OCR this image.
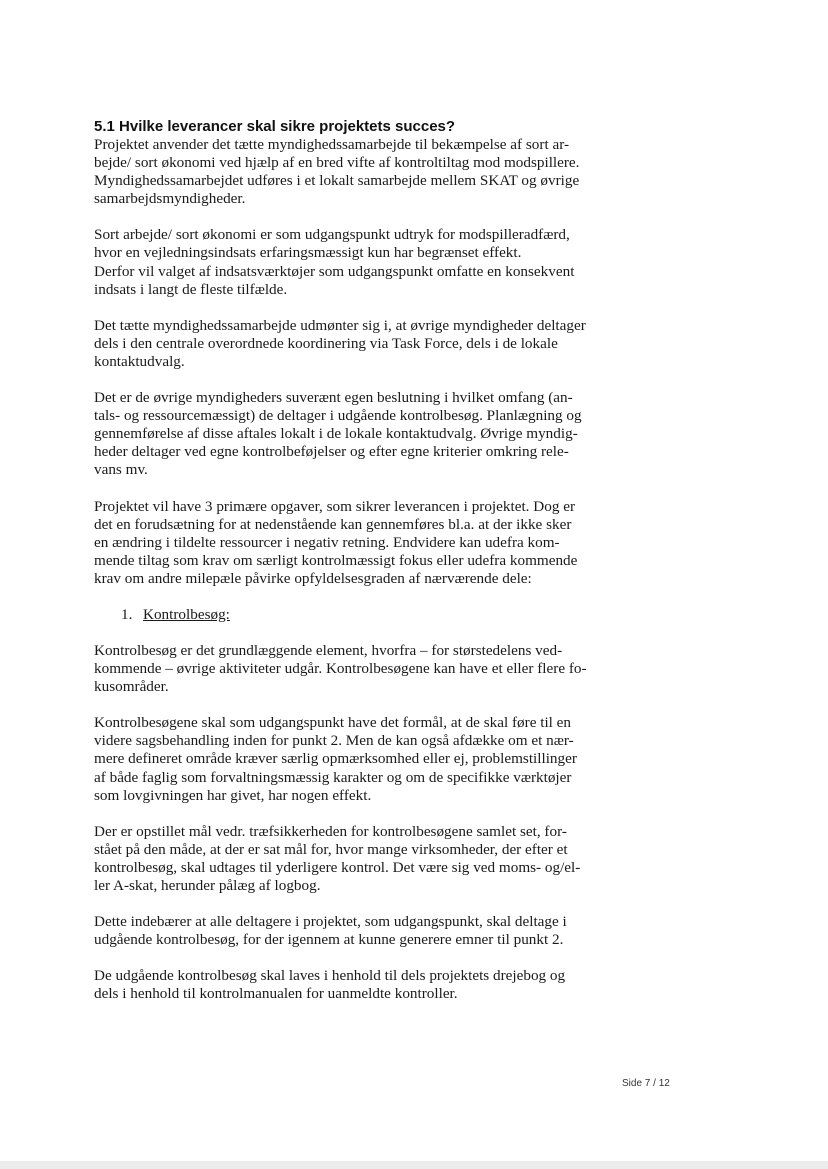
5.1 Hvilke leverancer skal sikre projektets succes?

Projektet anvender det tætte myndighedssamarbejde til bekæmpelse af sort ar-
bejde/ sort økonomi ved hjælp af en bred vifte af kontroltiltag mod modspillere.
Myndighedssamarbejdet udføres i et lokalt samarbejde mellem SKAT og øvrige
samarbejdsmyndigheder.

Sort arbejde/ sort økonomi er som udgangspunkt udtryk for modspilleradfærd,
hvor en vejledningsindsats erfaringsmæssigt kun har begrænset effekt.
Derfor vil valget af indsatsværktøjer som udgangspunkt omfatte en konsekvent
indsats i langt de fleste tilfælde.

Det tætte myndighedssamarbejde udmønter sig i, at øvrige myndigheder deltager
dels i den centrale overordnede koordinering via Task Force, dels i de lokale
kontaktudvalg.

Det er de øvrige myndigheders suverænt egen beslutning i hvilket omfang (an-
tals- og ressourcemæssigt) de deltager i udgående kontrolbesøg. Planlægning og
gennemførelse af disse aftales lokalt i de lokale kontaktudvalg. Øvrige myndig-
heder deltager ved egne kontrolbeføjelser og efter egne kriterier omkring rele-
vans mv.

Projektet vil have 3 primære opgaver, som sikrer leverancen i projektet. Dog er
det en forudsætning for at nedenstående kan gennemføres bl.a. at der ikke sker
en ændring i tildelte ressourcer i negativ retning. Endvidere kan udefra kom-
mende tiltag som krav om særligt kontrolmæssigt fokus eller udefra kommende
krav om andre milepæle påvirke opfyldelsesgraden af nærværende dele:

1. Kontrolbesøg:

Kontrolbesøg er det grundlæggende element, hvorfra – for størstedelens ved-
kommende – øvrige aktiviteter udgår. Kontrolbesøgene kan have et eller flere fo-
kusområder.

Kontrolbesøgene skal som udgangspunkt have det formål, at de skal føre til en
videre sagsbehandling inden for punkt 2. Men de kan også afdække om et nær-
mere defineret område kræver særlig opmærksomhed eller ej, problemstillinger
af både faglig som forvaltningsmæssig karakter og om de specifikke værktøjer
som lovgivningen har givet, har nogen effekt.

Der er opstillet mål vedr. træfsikkerheden for kontrolbesøgene samlet set, for-
stået på den måde, at der er sat mål for, hvor mange virksomheder, der efter et
kontrolbesøg, skal udtages til yderligere kontrol. Det være sig ved moms- og/el-
ler A-skat, herunder pålæg af logbog.

Dette indebærer at alle deltagere i projektet, som udgangspunkt, skal deltage i
udgående kontrolbesøg, for der igennem at kunne generere emner til punkt 2.

De udgående kontrolbesøg skal laves i henhold til dels projektets drejebog og
dels i henhold til kontrolmanualen for uanmeldte kontroller.

Side 7 / 12
